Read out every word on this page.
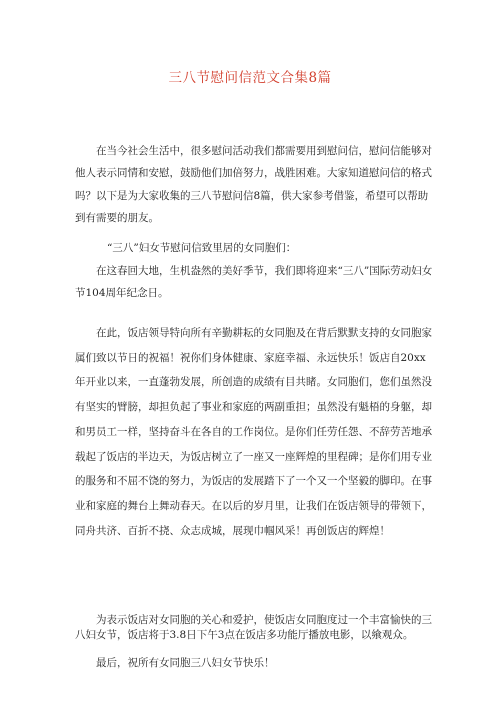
三八节慰问信范文合集8篇
在当今社会生活中，很多慰问活动我们都需要用到慰问信，慰问信能够对他人表示同情和安慰，鼓励他们加倍努力，战胜困难。大家知道慰问信的格式吗？以下是为大家收集的三八节慰问信8篇，供大家参考借鉴，希望可以帮助到有需要的朋友。
“三八”妇女节慰问信致里居的女同胞们：
在这春回大地，生机盎然的美好季节，我们即将迎来“三八”国际劳动妇女节104周年纪念日。
在此，饭店领导特向所有辛勤耕耘的女同胞及在背后默默支持的女同胞家属们致以节日的祝福！祝你们身体健康、家庭幸福、永远快乐！饭店自20xx年开业以来，一直蓬勃发展，所创造的成绩有目共睹。女同胞们，您们虽然没有坚实的臂膀，却担负起了事业和家庭的两副重担；虽然没有魁梧的身躯，却和男员工一样，坚持奋斗在各自的工作岗位。是你们任劳任怨、不辞劳苦地承载起了饭店的半边天，为饭店树立了一座又一座辉煌的里程碑；是你们用专业的服务和不屈不饶的努力，为饭店的发展踏下了一个又一个坚毅的脚印。在事业和家庭的舞台上舞动春天。在以后的岁月里，让我们在饭店领导的带领下，同舟共济、百折不挠、众志成城，展现巾帼风采！再创饭店的辉煌！
为表示饭店对女同胞的关心和爱护，使饭店女同胞度过一个丰富愉快的三八妇女节，饭店将于3.8日下午3点在饭店多功能厅播放电影，以飨观众。
最后，祝所有女同胞三八妇女节快乐！
